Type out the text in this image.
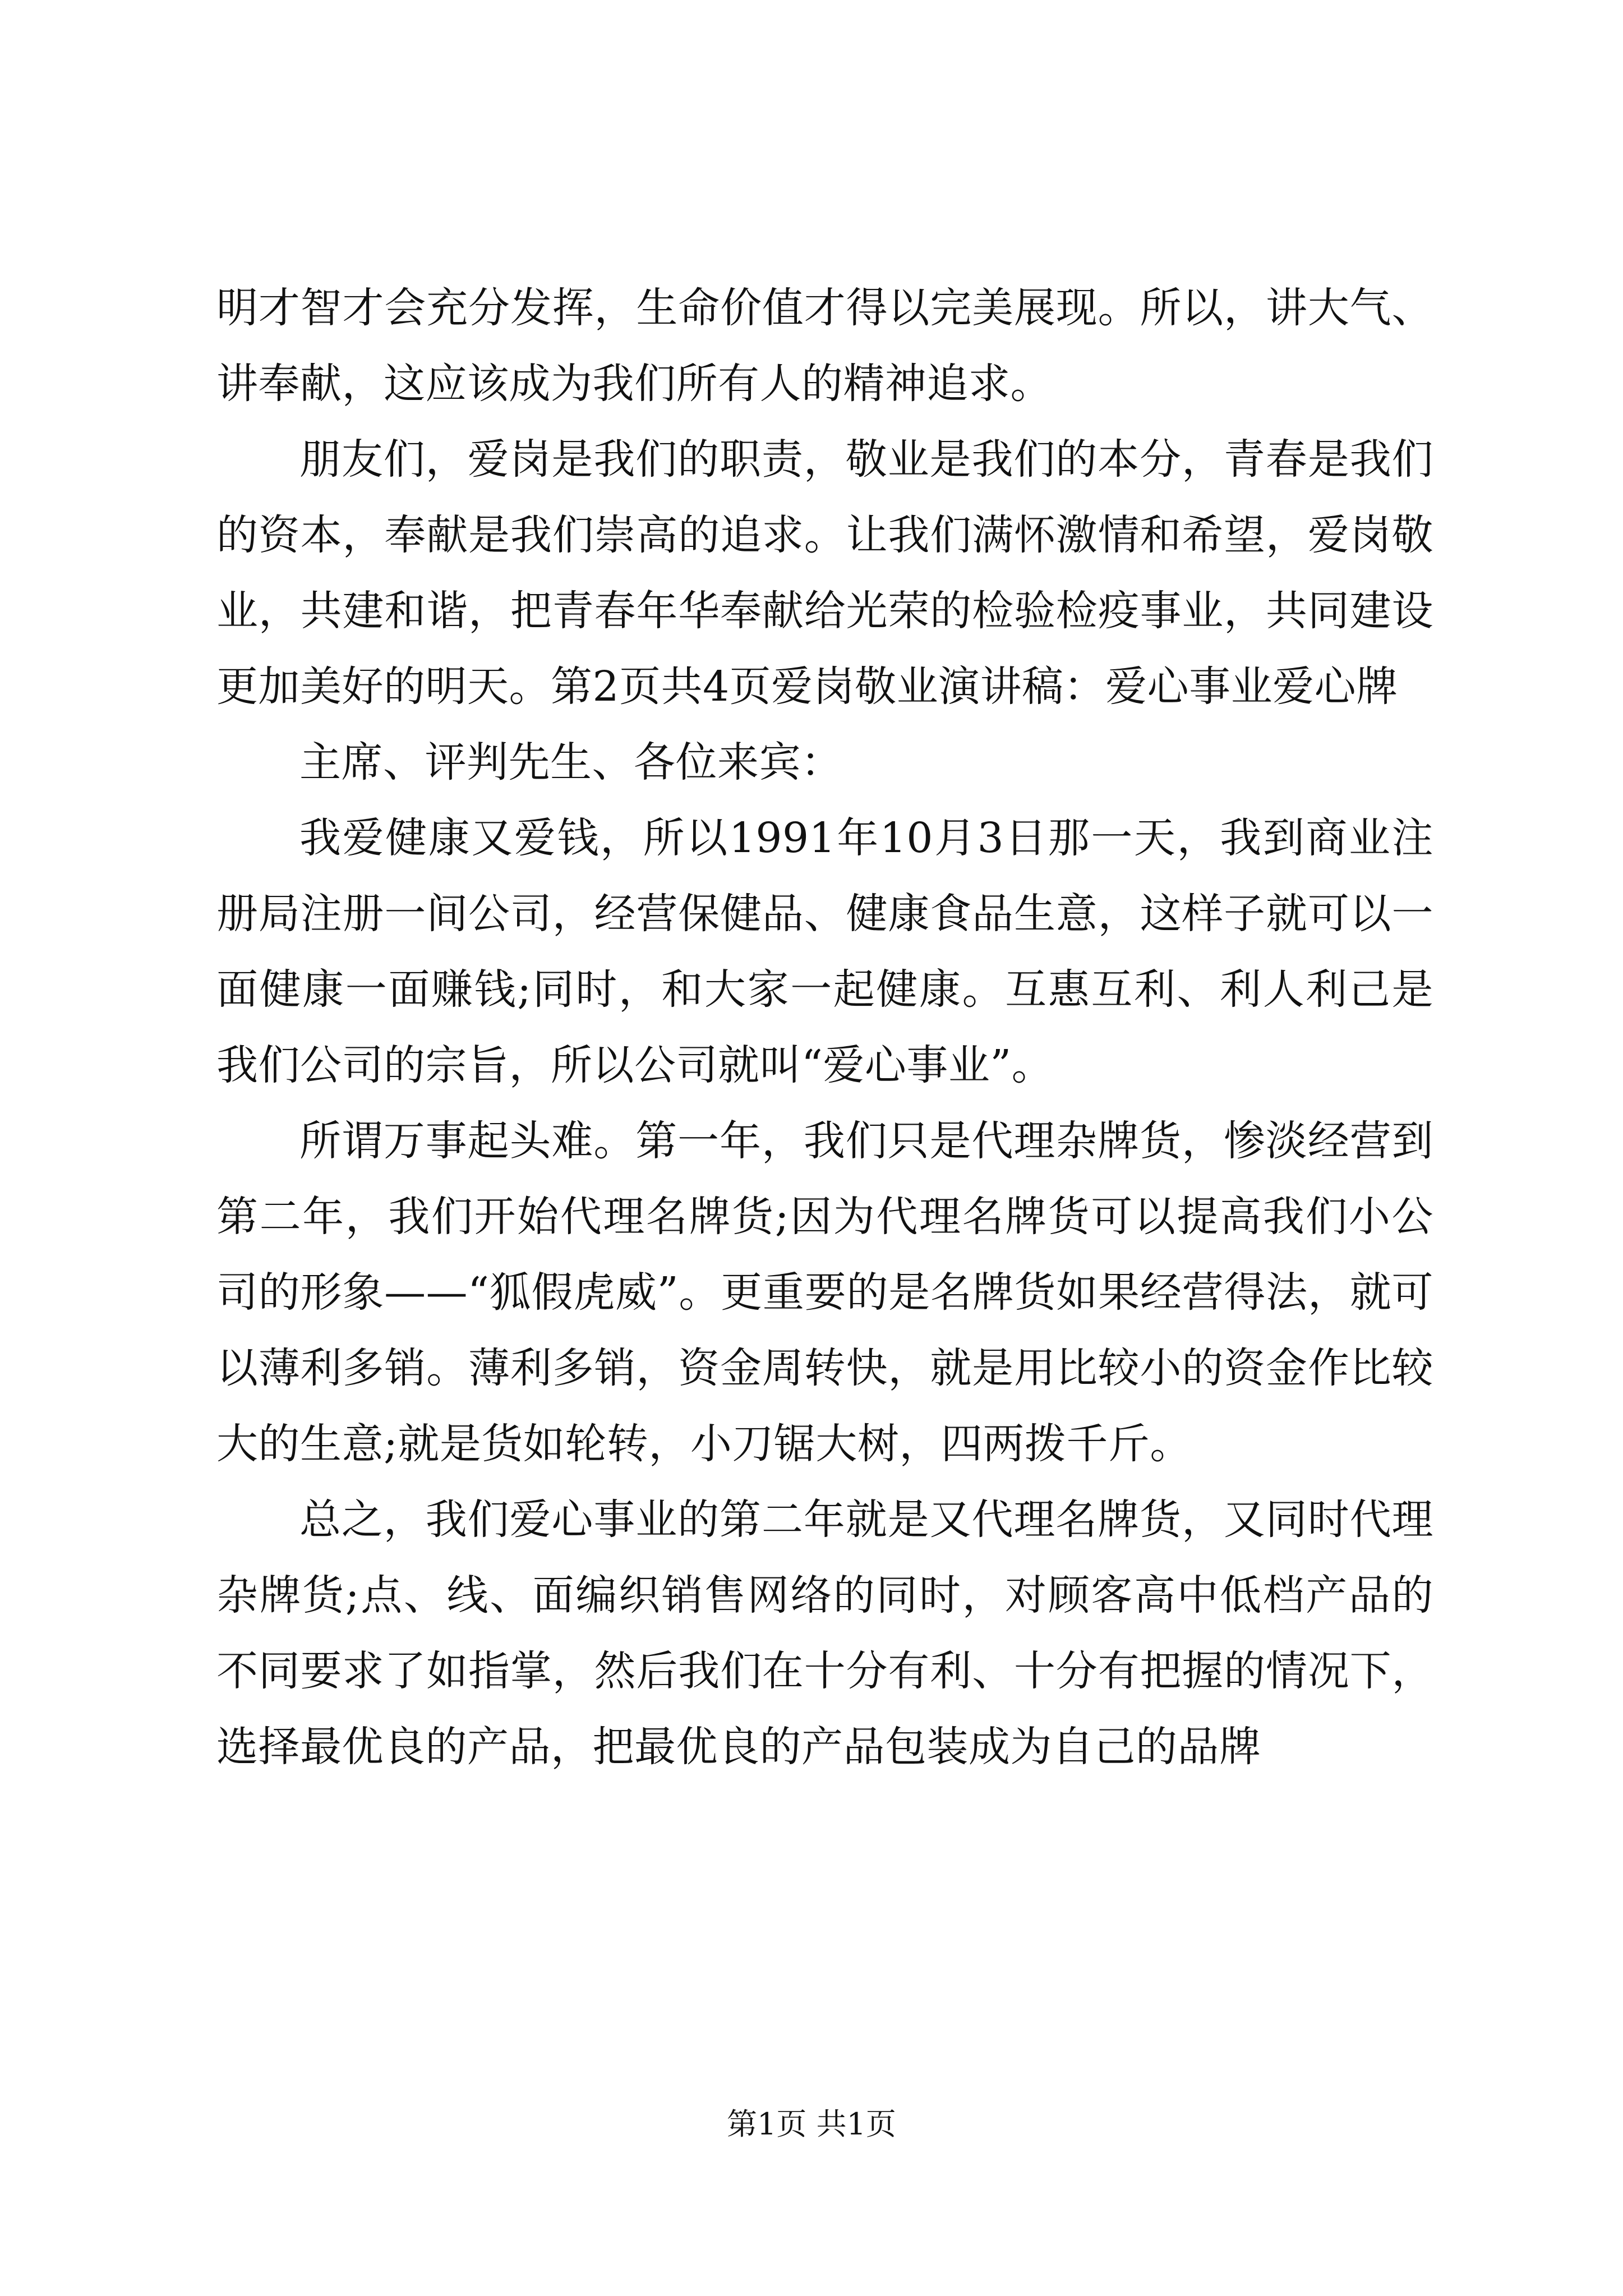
明才智才会充分发挥，生命价值才得以完美展现。所以，讲大气、讲奉献，这应该成为我们所有人的精神追求。

朋友们，爱岗是我们的职责，敬业是我们的本分，青春是我们的资本，奉献是我们崇高的追求。让我们满怀激情和希望，爱岗敬业，共建和谐，把青春年华奉献给光荣的检验检疫事业，共同建设更加美好的明天。第2页共4页爱岗敬业演讲稿：爱心事业爱心牌

主席、评判先生、各位来宾：

我爱健康又爱钱，所以1991年10月3日那一天，我到商业注册局注册一间公司，经营保健品、健康食品生意，这样子就可以一面健康一面赚钱;同时，和大家一起健康。互惠互利、利人利己是我们公司的宗旨，所以公司就叫“爱心事业”。

所谓万事起头难。第一年，我们只是代理杂牌货，惨淡经营到第二年，我们开始代理名牌货;因为代理名牌货可以提高我们小公司的形象——“狐假虎威”。更重要的是名牌货如果经营得法，就可以薄利多销。薄利多销，资金周转快，就是用比较小的资金作比较大的生意;就是货如轮转，小刀锯大树，四两拨千斤。

总之，我们爱心事业的第二年就是又代理名牌货，又同时代理杂牌货;点、线、面编织销售网络的同时，对顾客高中低档产品的不同要求了如指掌，然后我们在十分有利、十分有把握的情况下，选择最优良的产品，把最优良的产品包装成为自己的品牌

第1页 共1页
